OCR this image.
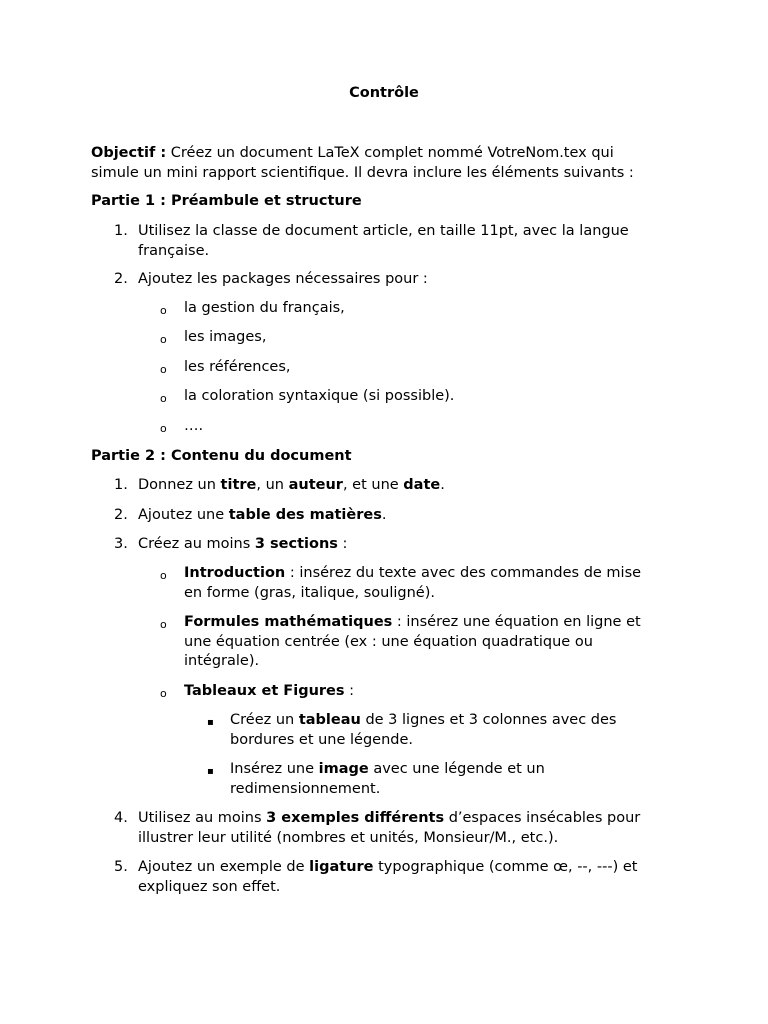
Contrôle
Objectif : Créez un document LaTeX complet nommé VotreNom.tex qui
simule un mini rapport scientifique. Il devra inclure les éléments suivants :
Partie 1 : Préambule et structure
1. Utilisez la classe de document article, en taille 11pt, avec la langue
française.
2. Ajoutez les packages nécessaires pour :
o la gestion du français,
o les images,
o les références,
o la coloration syntaxique (si possible).
o ….
Partie 2 : Contenu du document
1. Donnez un titre, un auteur, et une date.
2. Ajoutez une table des matières.
3. Créez au moins 3 sections :
o Introduction : insérez du texte avec des commandes de mise
en forme (gras, italique, souligné).
o Formules mathématiques : insérez une équation en ligne et
une équation centrée (ex : une équation quadratique ou
intégrale).
o Tableaux et Figures :
▪ Créez un tableau de 3 lignes et 3 colonnes avec des
bordures et une légende.
▪ Insérez une image avec une légende et un
redimensionnement.
4. Utilisez au moins 3 exemples différents d’espaces insécables pour
illustrer leur utilité (nombres et unités, Monsieur/M., etc.).
5. Ajoutez un exemple de ligature typographique (comme œ, --, ---) et
expliquez son effet.
